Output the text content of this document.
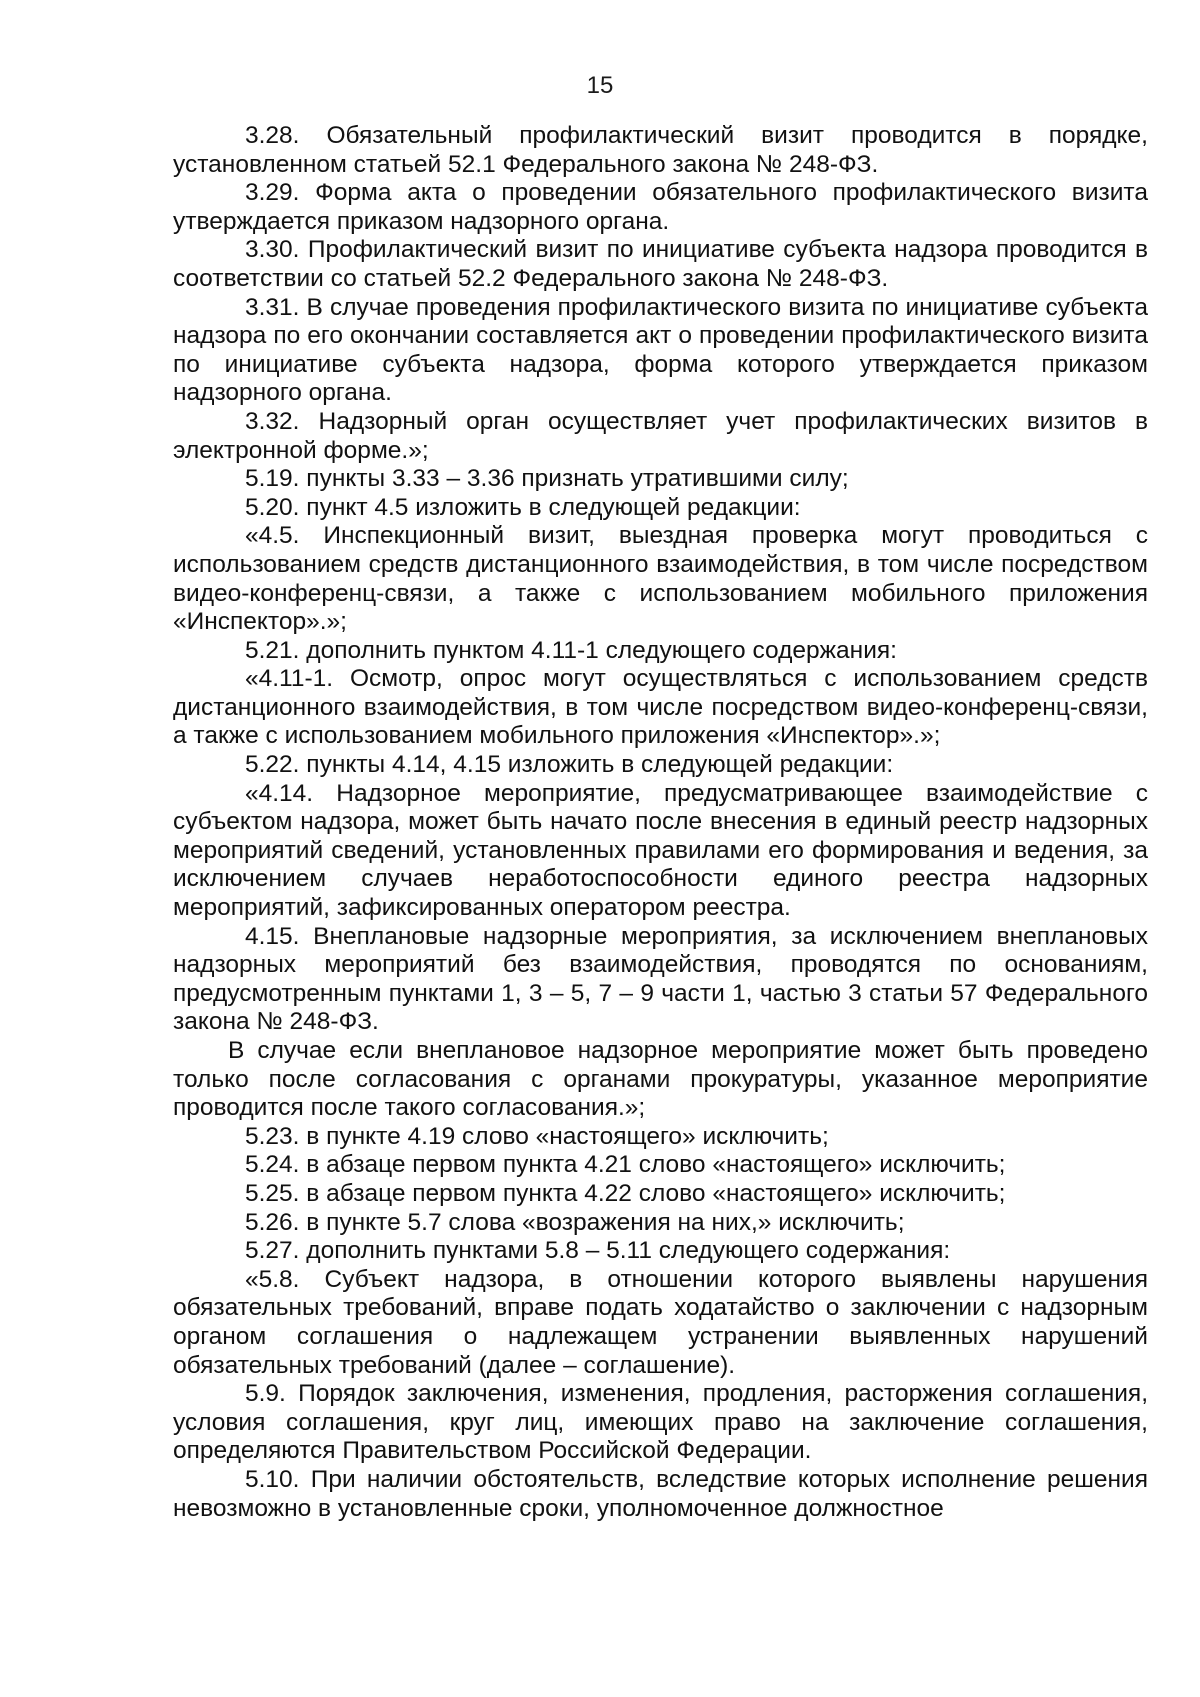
15

3.28. Обязательный профилактический визит проводится в порядке, установленном статьей 52.1 Федерального закона № 248-ФЗ.

3.29. Форма акта о проведении обязательного профилактического визита утверждается приказом надзорного органа.

3.30. Профилактический визит по инициативе субъекта надзора проводится в соответствии со статьей 52.2 Федерального закона № 248-ФЗ.

3.31. В случае проведения профилактического визита по инициативе субъекта надзора по его окончании составляется акт о проведении профилактического визита по инициативе субъекта надзора, форма которого утверждается приказом надзорного органа.

3.32. Надзорный орган осуществляет учет профилактических визитов в электронной форме.»;

5.19. пункты 3.33 – 3.36 признать утратившими силу;

5.20. пункт 4.5 изложить в следующей редакции:

«4.5. Инспекционный визит, выездная проверка могут проводиться с использованием средств дистанционного взаимодействия, в том числе посредством видео-конференц-связи, а также с использованием мобильного приложения «Инспектор».»;

5.21. дополнить пунктом 4.11-1 следующего содержания:

«4.11-1. Осмотр, опрос могут осуществляться с использованием средств дистанционного взаимодействия, в том числе посредством видео-конференц-связи, а также с использованием мобильного приложения «Инспектор».»;

5.22. пункты 4.14, 4.15 изложить в следующей редакции:

«4.14. Надзорное мероприятие, предусматривающее взаимодействие с субъектом надзора, может быть начато после внесения в единый реестр надзорных мероприятий сведений, установленных правилами его формирования и ведения, за исключением случаев неработоспособности единого реестра надзорных мероприятий, зафиксированных оператором реестра.

4.15. Внеплановые надзорные мероприятия, за исключением внеплановых надзорных мероприятий без взаимодействия, проводятся по основаниям, предусмотренным пунктами 1, 3 – 5, 7 – 9 части 1, частью 3 статьи 57 Федерального закона № 248-ФЗ.

В случае если внеплановое надзорное мероприятие может быть проведено только после согласования с органами прокуратуры, указанное мероприятие проводится после такого согласования.»;

5.23. в пункте 4.19 слово «настоящего» исключить;

5.24. в абзаце первом пункта 4.21 слово «настоящего» исключить;

5.25. в абзаце первом пункта 4.22 слово «настоящего» исключить;

5.26. в пункте 5.7 слова «возражения на них,» исключить;

5.27. дополнить пунктами 5.8 – 5.11 следующего содержания:

«5.8. Субъект надзора, в отношении которого выявлены нарушения обязательных требований, вправе подать ходатайство о заключении с надзорным органом соглашения о надлежащем устранении выявленных нарушений обязательных требований (далее – соглашение).

5.9. Порядок заключения, изменения, продления, расторжения соглашения, условия соглашения, круг лиц, имеющих право на заключение соглашения, определяются Правительством Российской Федерации.

5.10. При наличии обстоятельств, вследствие которых исполнение решения невозможно в установленные сроки, уполномоченное должностное
